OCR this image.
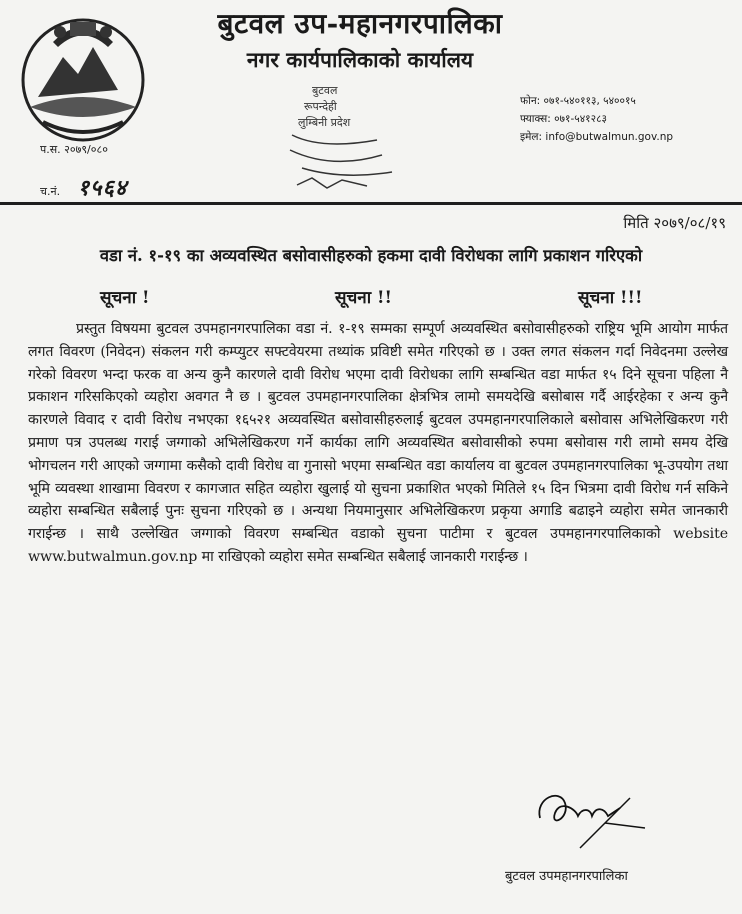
बुटवल उप-महानगरपालिका
नगर कार्यपालिकाको कार्यालय
बुटवल
रूपन्देही
लुम्बिनी प्रदेश
फोन: ०७१-५४०११३, ५४००१५
फ्याक्स: ०७१-५४१२८३
इमेल: info@butwalmun.gov.np
प.स. २०७९/०८०
च.नं. १५६४
मिति २०७९/०८/१९
वडा नं. १-१९ का अव्यवस्थित बसोवासीहरुको हकमा दावी विरोधका लागि प्रकाशन गरिएको
सूचना !	सूचना !!	सूचना !!!
प्रस्तुत विषयमा बुटवल उपमहानगरपालिका वडा नं. १-१९ सम्मका सम्पूर्ण अव्यवस्थित बसोवासीहरुको राष्ट्रिय भूमि आयोग मार्फत लगत विवरण (निवेदन) संकलन गरी कम्प्युटर सफ्टवेयरमा तथ्यांक प्रविष्टी समेत गरिएको छ । उक्त लगत संकलन गर्दा निवेदनमा उल्लेख गरेको विवरण भन्दा फरक वा अन्य कुनै कारणले दावी विरोध भएमा दावी विरोधका लागि सम्बन्धित वडा मार्फत १५ दिने सूचना पहिला नै प्रकाशन गरिसकिएको व्यहोरा अवगत नै छ । बुटवल उपमहानगरपालिका क्षेत्रभित्र लामो समयदेखि बसोबास गर्दै आईरहेका र अन्य कुनै कारणले विवाद र दावी विरोध नभएका १६५२१ अव्यवस्थित बसोवासीहरुलाई बुटवल उपमहानगरपालिकाले बसोवास अभिलेखिकरण गरी प्रमाण पत्र उपलब्ध गराई जग्गाको अभिलेखिकरण गर्ने कार्यका लागि अव्यवस्थित बसोवासीको रुपमा बसोवास गरी लामो समय देखि भोगचलन गरी आएको जग्गामा कसैको दावी विरोध वा गुनासो भएमा सम्बन्धित वडा कार्यालय वा बुटवल उपमहानगरपालिका भू-उपयोग तथा भूमि व्यवस्था शाखामा विवरण र कागजात सहित व्यहोरा खुलाई यो सुचना प्रकाशित भएको मितिले १५ दिन भित्रमा दावी विरोध गर्न सकिने व्यहोरा सम्बन्धित सबैलाई पुनः सुचना गरिएको छ । अन्यथा नियमानुसार अभिलेखिकरण प्रकृया अगाडि बढाइने व्यहोरा समेत जानकारी गराईन्छ । साथै उल्लेखित जग्गाको विवरण सम्बन्धित वडाको सुचना पाटीमा र बुटवल उपमहानगरपालिकाको website www.butwalmun.gov.np मा राखिएको व्यहोरा समेत सम्बन्धित सबैलाई जानकारी गराईन्छ ।
बुटवल उपमहानगरपालिका
